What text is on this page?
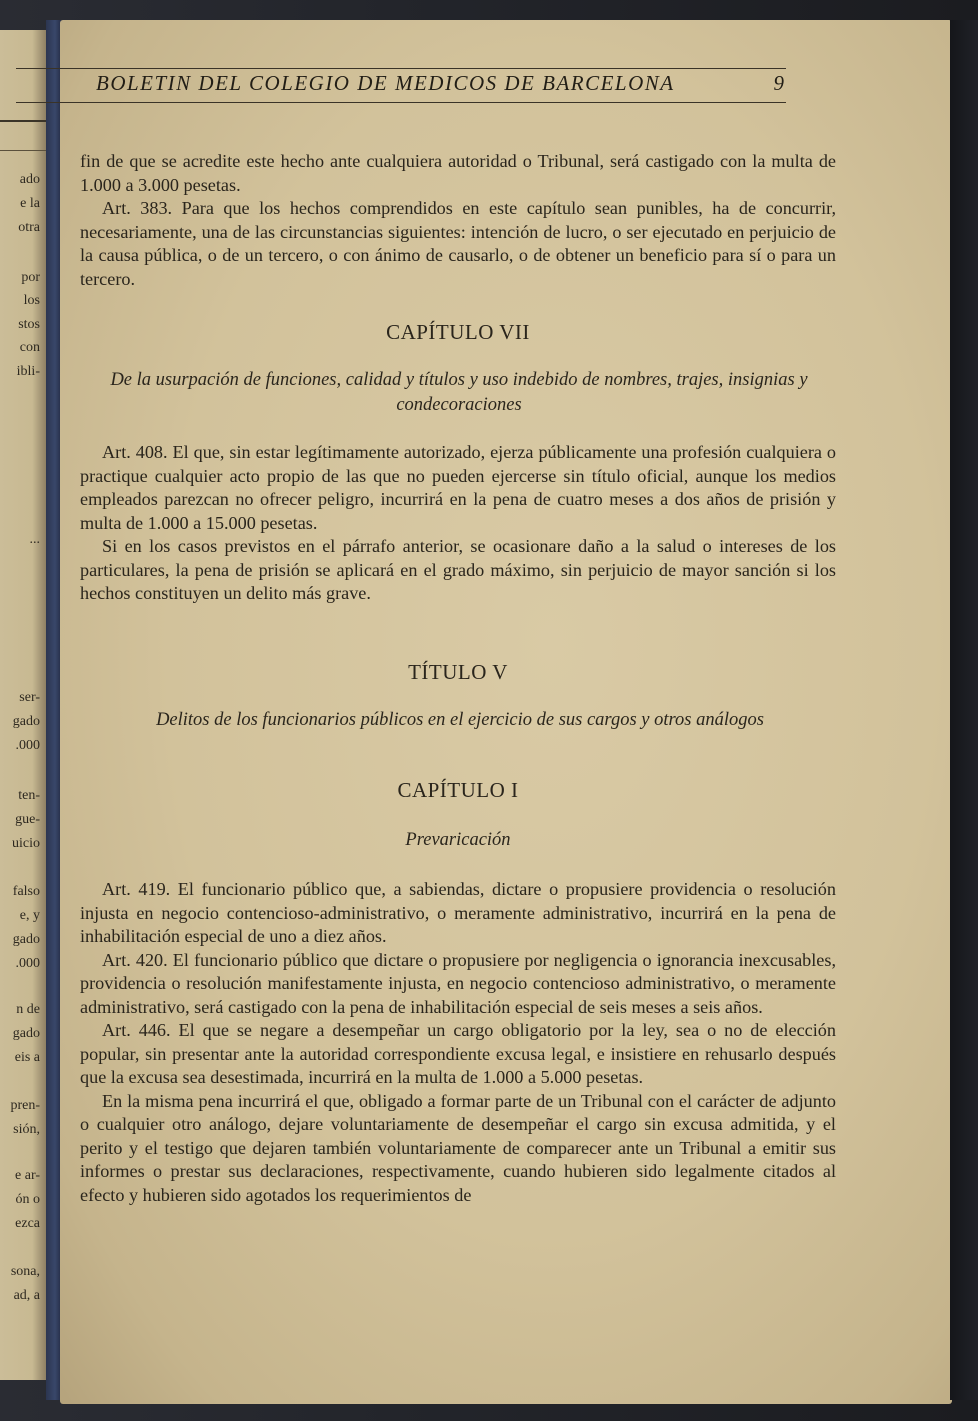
ado
e la
otra
por
los
stos
con
ibli-
...
ser-
gado
.000
ten-
gue-
uicio
falso
e, y
gado
.000
n de
gado
eis a
pren-
sión,
e ar-
ón o
ezca
sona,
ad, a
BOLETIN DEL COLEGIO DE MEDICOS DE BARCELONA	9

fin de que se acredite este hecho ante cualquiera autoridad o Tribunal, será castigado con la multa de 1.000 a 3.000 pesetas.

Art. 383. Para que los hechos comprendidos en este capítulo sean punibles, ha de concurrir, necesariamente, una de las circunstancias siguientes: intención de lucro, o ser ejecutado en perjuicio de la causa pública, o de un tercero, o con ánimo de causarlo, o de obtener un beneficio para sí o para un tercero.

CAPÍTULO VII
De la usurpación de funciones, calidad y títulos y uso indebido de nombres, trajes, insignias y condecoraciones

Art. 408. El que, sin estar legítimamente autorizado, ejerza públicamente una profesión cualquiera o practique cualquier acto propio de las que no pueden ejercerse sin título oficial, aunque los medios empleados parezcan no ofrecer peligro, incurrirá en la pena de cuatro meses a dos años de prisión y multa de 1.000 a 15.000 pesetas.

Si en los casos previstos en el párrafo anterior, se ocasionare daño a la salud o intereses de los particulares, la pena de prisión se aplicará en el grado máximo, sin perjuicio de mayor sanción si los hechos constituyen un delito más grave.

TÍTULO V
Delitos de los funcionarios públicos en el ejercicio de sus cargos y otros análogos
CAPÍTULO I
Prevaricación

Art. 419. El funcionario público que, a sabiendas, dictare o propusiere providencia o resolución injusta en negocio contencioso-administrativo, o meramente administrativo, incurrirá en la pena de inhabilitación especial de uno a diez años.

Art. 420. El funcionario público que dictare o propusiere por negligencia o ignorancia inexcusables, providencia o resolución manifestamente injusta, en negocio contencioso administrativo, o meramente administrativo, será castigado con la pena de inhabilitación especial de seis meses a seis años.

Art. 446. El que se negare a desempeñar un cargo obligatorio por la ley, sea o no de elección popular, sin presentar ante la autoridad correspondiente excusa legal, e insistiere en rehusarlo después que la excusa sea desestimada, incurrirá en la multa de 1.000 a 5.000 pesetas.

En la misma pena incurrirá el que, obligado a formar parte de un Tribunal con el carácter de adjunto o cualquier otro análogo, dejare voluntariamente de desempeñar el cargo sin excusa admitida, y el perito y el testigo que dejaren también voluntariamente de comparecer ante un Tribunal a emitir sus informes o prestar sus declaraciones, respectivamente, cuando hubieren sido legalmente citados al efecto y hubieren sido agotados los requerimientos de
